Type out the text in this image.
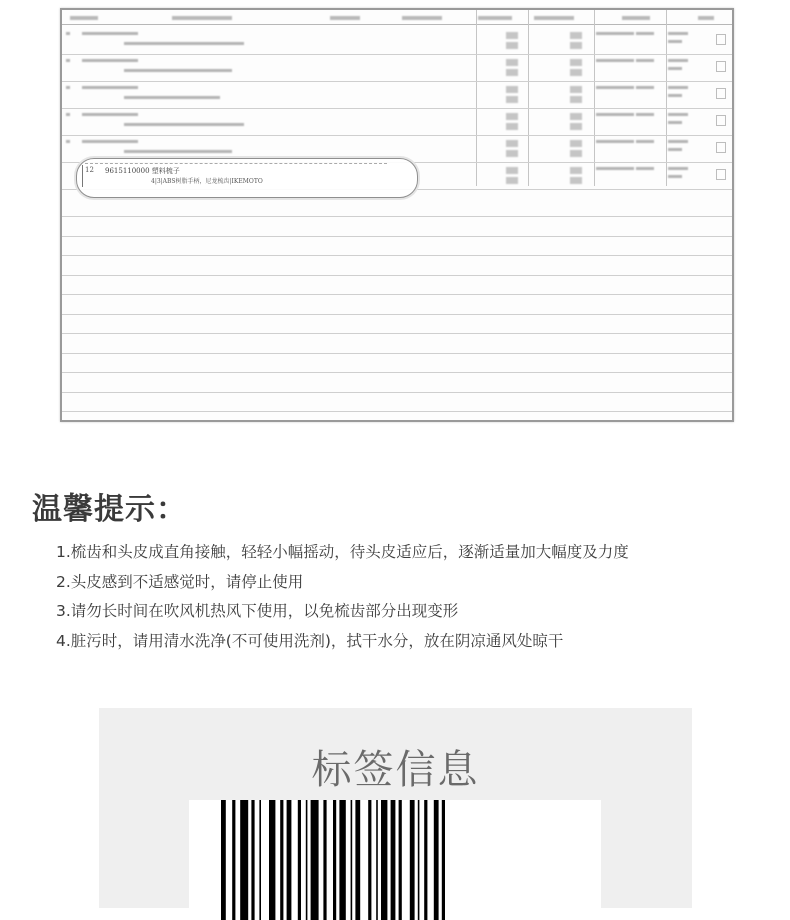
12 9615110000 塑料梳子
4|3|ABS树脂手柄，尼龙梳齿|IKEMOTO
温馨提示：
1.梳齿和头皮成直角接触，轻轻小幅摇动，待头皮适应后，逐渐适量加大幅度及力度
2.头皮感到不适感觉时，请停止使用
3.请勿长时间在吹风机热风下使用，以免梳齿部分出现变形
4.脏污时，请用清水洗净(不可使用洗剂)，拭干水分，放在阴凉通风处晾干
标签信息
